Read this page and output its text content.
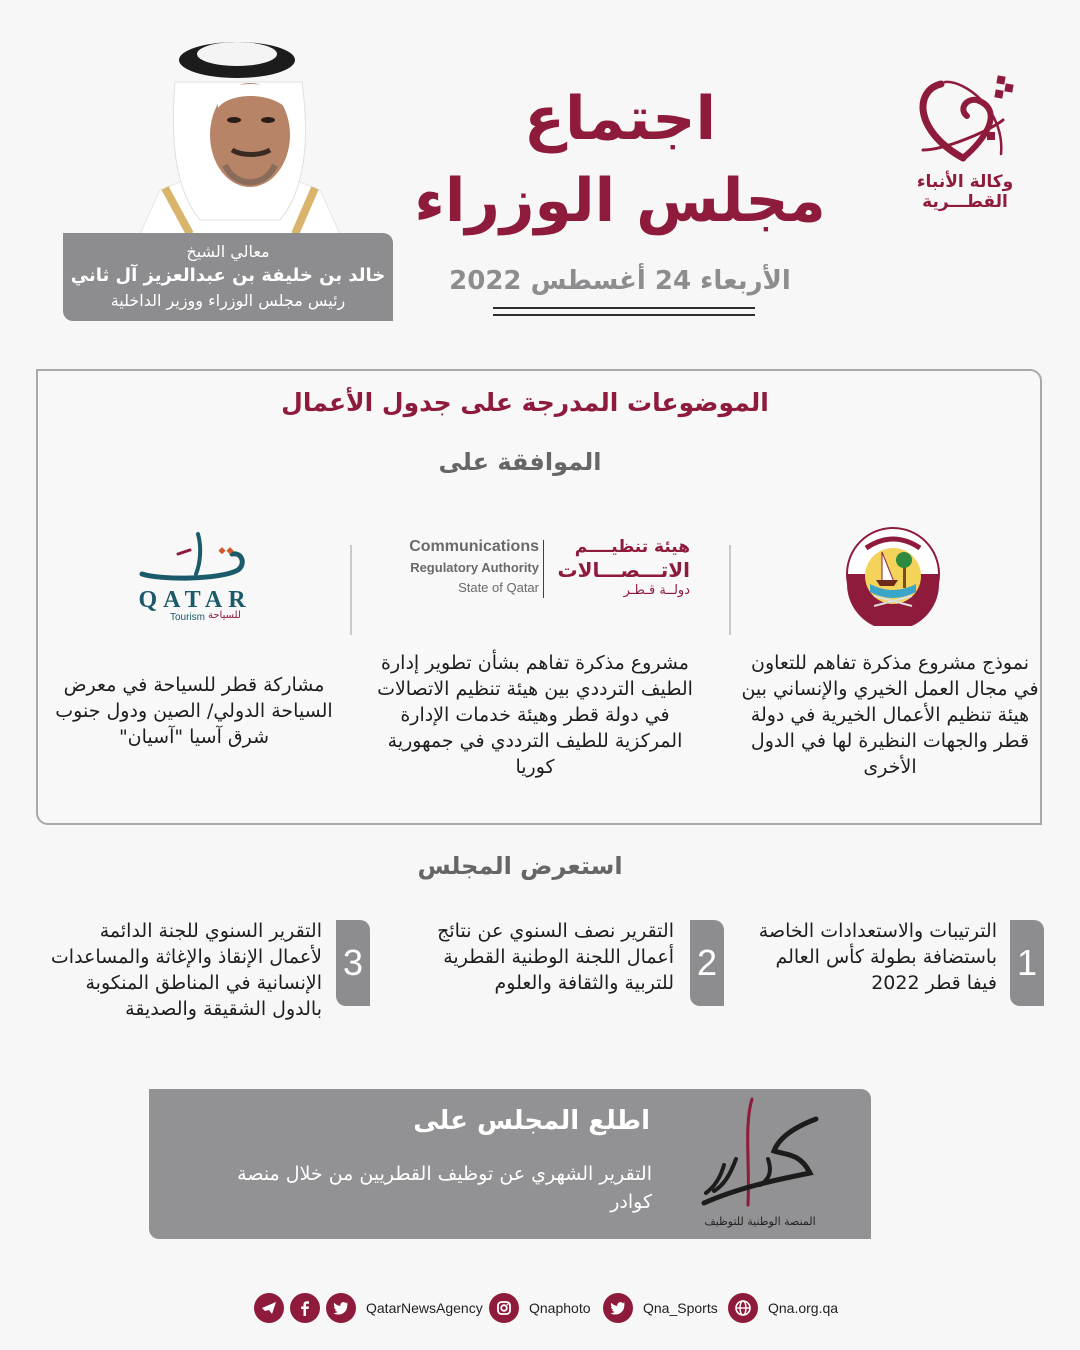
وكالة الأنباء
القطـــرية
اجتماع
مجلس الوزراء
الأربعاء 24 أغسطس 2022
معالي الشيخ
خالد بن خليفة بن عبدالعزيز آل ثاني
رئيس مجلس الوزراء ووزير الداخلية
الموضوعات المدرجة على جدول الأعمال
الموافقة على
نموذج مشروع مذكرة تفاهم للتعاون في مجال العمل الخيري والإنساني بين هيئة تنظيم الأعمال الخيرية في دولة قطر والجهات النظيرة لها في الدول الأخرى
Communications
Regulatory Authority
State of Qatar
هيئة تنظيــــم
الاتـــصـــالات
دولــة قـطـر
مشروع مذكرة تفاهم بشأن تطوير إدارة الطيف الترددي بين هيئة تنظيم الاتصالات في دولة قطر وهيئة خدمات الإدارة المركزية للطيف الترددي في جمهورية كوريا
QATAR
Tourism للسياحة
مشاركة قطر للسياحة في معرض السياحة الدولي/ الصين ودول جنوب شرق آسيا "آسيان"
استعرض المجلس
1
الترتيبات والاستعدادات الخاصة باستضافة بطولة كأس العالم فيفا قطر 2022
2
التقرير نصف السنوي عن نتائج أعمال اللجنة الوطنية القطرية للتربية والثقافة والعلوم
3
التقرير السنوي للجنة الدائمة لأعمال الإنقاذ والإغاثة والمساعدات الإنسانية في المناطق المنكوبة بالدول الشقيقة والصديقة
اطلع المجلس على
التقرير الشهري عن توظيف القطريين من خلال منصة كوادر
المنصة الوطنية للتوظيف
QatarNewsAgency	Qnaphoto	Qna_Sports	Qna.org.qa
